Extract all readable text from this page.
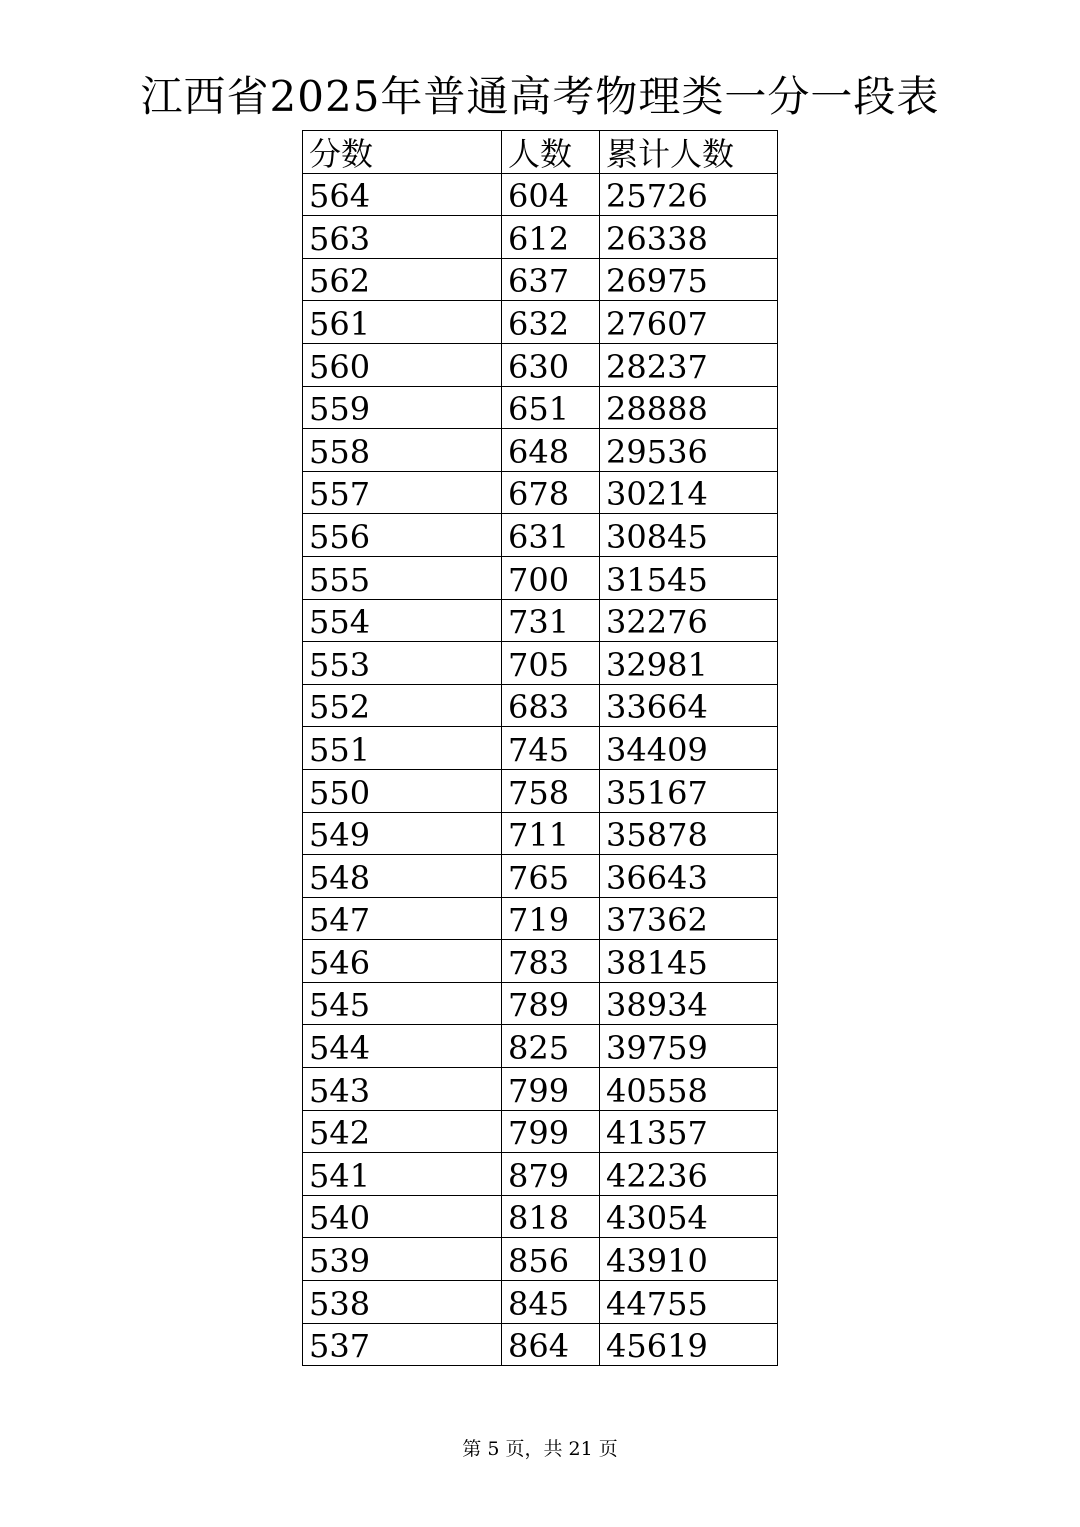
江西省2025年普通高考物理类一分一段表
分数	人数	累计人数
564	604	25726
563	612	26338
562	637	26975
561	632	27607
560	630	28237
559	651	28888
558	648	29536
557	678	30214
556	631	30845
555	700	31545
554	731	32276
553	705	32981
552	683	33664
551	745	34409
550	758	35167
549	711	35878
548	765	36643
547	719	37362
546	783	38145
545	789	38934
544	825	39759
543	799	40558
542	799	41357
541	879	42236
540	818	43054
539	856	43910
538	845	44755
537	864	45619
第 5 页，共 21 页
